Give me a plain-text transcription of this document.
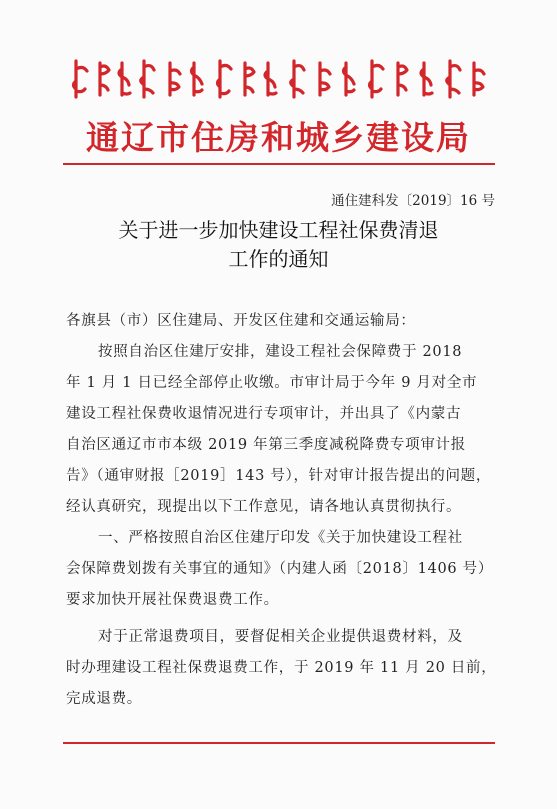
通辽市住房和城乡建设局
通住建科发〔2019〕16 号
关于进一步加快建设工程社保费清退
工作的通知
各旗县（市）区住建局、开发区住建和交通运输局：
按照自治区住建厅安排，建设工程社会保障费于 2018
年 1 月 1 日已经全部停止收缴。市审计局于今年 9 月对全市
建设工程社保费收退情况进行专项审计，并出具了《内蒙古
自治区通辽市市本级 2019 年第三季度减税降费专项审计报
告》（通审财报［2019］143 号），针对审计报告提出的问题，
经认真研究，现提出以下工作意见，请各地认真贯彻执行。
一、严格按照自治区住建厅印发《关于加快建设工程社
会保障费划拨有关事宜的通知》（内建人函〔2018〕1406 号）
要求加快开展社保费退费工作。
对于正常退费项目，要督促相关企业提供退费材料，及
时办理建设工程社保费退费工作，于 2019 年 11 月 20 日前，
完成退费。
